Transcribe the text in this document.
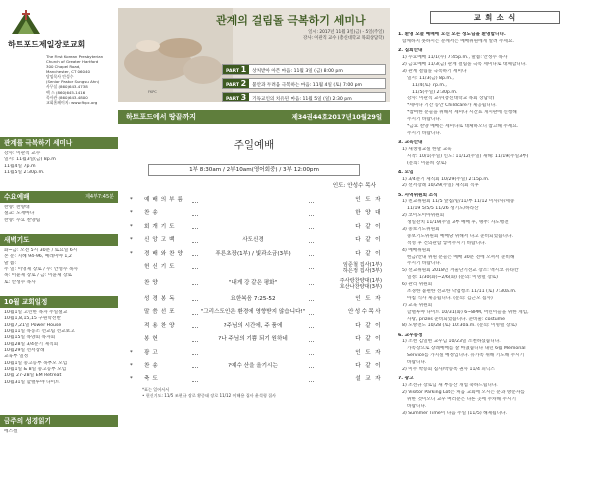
하트포드제일장로교회
The First Korean Presbyterian
Church of Greater Hartford
300 Chapel Road,
Manchester, CT 06040
담임목사 안성수
(Senior Pastor Sungsu Ahn)
사무실 (860)643-4738
팩 스 (860)645-1416
목사관 (860)643-4800
교회홈페이지: www.fkpc.org
관계를 극복하기 세미나
강사: 이관직 교수
일시: 11월3일(금) 8p.m
11월4일 7p.m
11월5일 2:30p.m.
수요예배	제4부7:45분
찬양: 찬양대
설교: 노재마나
찬양: 수요 찬양팀
새벽기도
화~금: 오전 5시 30분 / 토요일 6시
본 문: 지혜 94-96, 예레미야 1,2
말 씀:
주 일: 이영제 장로 / 수: 안성수 목사
목: 이윤제 장로 / 금: 이윤제 장로
토: 안성수 목사
10월 교회일정
10월1일 고린한 목자 주일설교
10월1,8,15,15 구원학선반
10월7,21일 Power House
10월11일 목동소 선교팀 선교보고
10월15일 목양회 목자회
10월28일 3/4분기 제직회
10월29일 선서장례
교육부 일정
10월1일 중고등부 목부모 모임
10월1일 & 8일 중고등부 모임
10월 27-28일 EM Retreat
10월31일 할렐루야 나이트
금주의 성경읽기
에스겔
관계의 걸림돌 극복하기 세미나
일시: 2017년 11월 3일(금) - 5일(주일)
강사: 이관직 교수 (총신대학교 목회상담학)
PART 1 상처받아 아픈 마음: 11월 3일 (금) 8:00 pm
PART 2 불안과 두려움 극복하는 마음: 11월 4일 (토) 7:00 pm
PART 3 기독교인의 치유된 마음: 11월 5일 (일) 2:30 pm
FKPC
하트포드에서 땅끝까지	제34권44호2017년10월29일
주일예배
1부 8:30am / 2부10am(영어회중) / 3부 12:00pm
인도: 안성수 목사
*	예 배 의 부 름	인 도 자
*	찬 송	한 양 대
*	회 개 기 도	다 같 이
*	신 앙 고 백	사도신경	다 같 이
*	경 배 와 찬 양	푸른초장(1부) / 빛과소금(3부)	다 같 이
헌 신 기 도	임준철 집사(1부)
하은정 집사(3부)
찬 양	"내게 강 같은 평화"	주사랑찬양대(1부)
호산나찬양대(3부)
성 경 봉 독	요한복음 7:25-52	인 도 자
말 씀 선 포	"그리스도인은 환경에 영향받지 않습니다!"	안성수목사
적 용 찬 양	?주님의 시간에, 주 품에	다 같 이
봉 헌	?나 주님의 기쁨 되기 원하네	다 같 이
*	광 고	인 도 자
*	찬 송	?예수 산을 올기시는	다 같 이
*	축 도	설 교 자
*표는 일어서서
• 헌신기도: 11/5 조현규 장로 황중태 장로 11/12 이해용 집사 윤석형 집사
교 회 소 식
1. 환영 오늘 예배에 오신 모든 성도님을 환영합니다.
함께하지 못하시는 분께서는 예배위원에게 알려 주세요.
2. 집회안내
1) 수요예배 11/1(수) 7:45p.m., 말씀: 안성수 목사
2) 금요예배 11/3(금) 관계 걸림돌 극복 세미나로 대체합니다.
3) 관계 걸림돌 극복하기 세미나
일시: 11/3(금) 8p.m.,
11/4(토) 7p.m.,
11/5(주일) 2:30p.m.
강사: 이관직 교수(총신대학교 목회 상담학)
*세미나 기간 동안 Childcare가 제공됩니다.
*참여한 분들을 위해서 세미나 시간표 게시판에 신청해
주시기 바랍니다.
*금요 찬양 예배는 세미나로 대체하오니 참고해 주세요.
주시기 바랍니다.
3. 교육안내
1) 새생명교실 한달 교육
시작: 10/1(주일) 인도: 11/12(주일) 새해: 11/19(주일3부)
(문의: 이윤희 장로)
4. 모임
1) 3/4분기 제직회 10/29(주일) 2:15p.m.
2) 선서장례 10/29(주일) 제직회 직후
5. 사역위원회 소식
1) 친교위원회 11/5 앞집/밑/11/부 11/12 이사/사/세중
11/19 5/5/5 11/26 성기도/하라산
2) 코이노이아위원회
생일잔치 11/19(주일 3부 예배 후, 맹쭈: 사도행전
3) 중보기도위원회
중보기도위원회 예배당 위해서 다고 준비되었습니다.
적성 후 건의관함 넣어주시기 바랍니다.
4) 예배위원회
헌금/안내 위원 분들은 예배 30분 전에 오셔서 준비해
주시기 바랍니다.
5) 선교위원회 2018년 겨울단기선교 장소: 멕시코 유타칸
일정: 1/30(화)~2/6(화) (문의: 이명렬 장로)
6) 관리 위원회
조경한 불편한 선교한 낙엽청소 11/11 (토) 7:30a.m.
아침 식사 제공됩니다. (문의: 김근모 집사)
7) 교육 위원회
할렐루야 나이트 10/31(화) 6~8PM, 어린이들을 위한 게임,
사탕, prizes 준비되었습니다. 준비물: costume
8) 노방전도 10/28 (토) 10:30a.m. (문의: 이명렬 장로)
6. 교우동정
1) 소천 김일현 교우님 10/23일 소천하셨습니다.
가족장으로 장례예배를 잘 마쳤습니다 내년 6월 Memorial
Service를 가지실 예정입니다. 유가족 위해 기도해 주시기
바랍니다.
2) 이주 박승회 집사/박승옥 권사 11/4 피닉스
7. 광고
1) 조선규 장로님 새 부동산 개업 축하드립니다.
2) Visitor Parking Lot은 처음 교회에 오시는 분과 방문자를
위한 것이오니 교우 여러분은 다른 곳에 주차해 주시기
바랍니다.
3) Summer Time이 다음 주일 (11/5) 해제됩니다.
